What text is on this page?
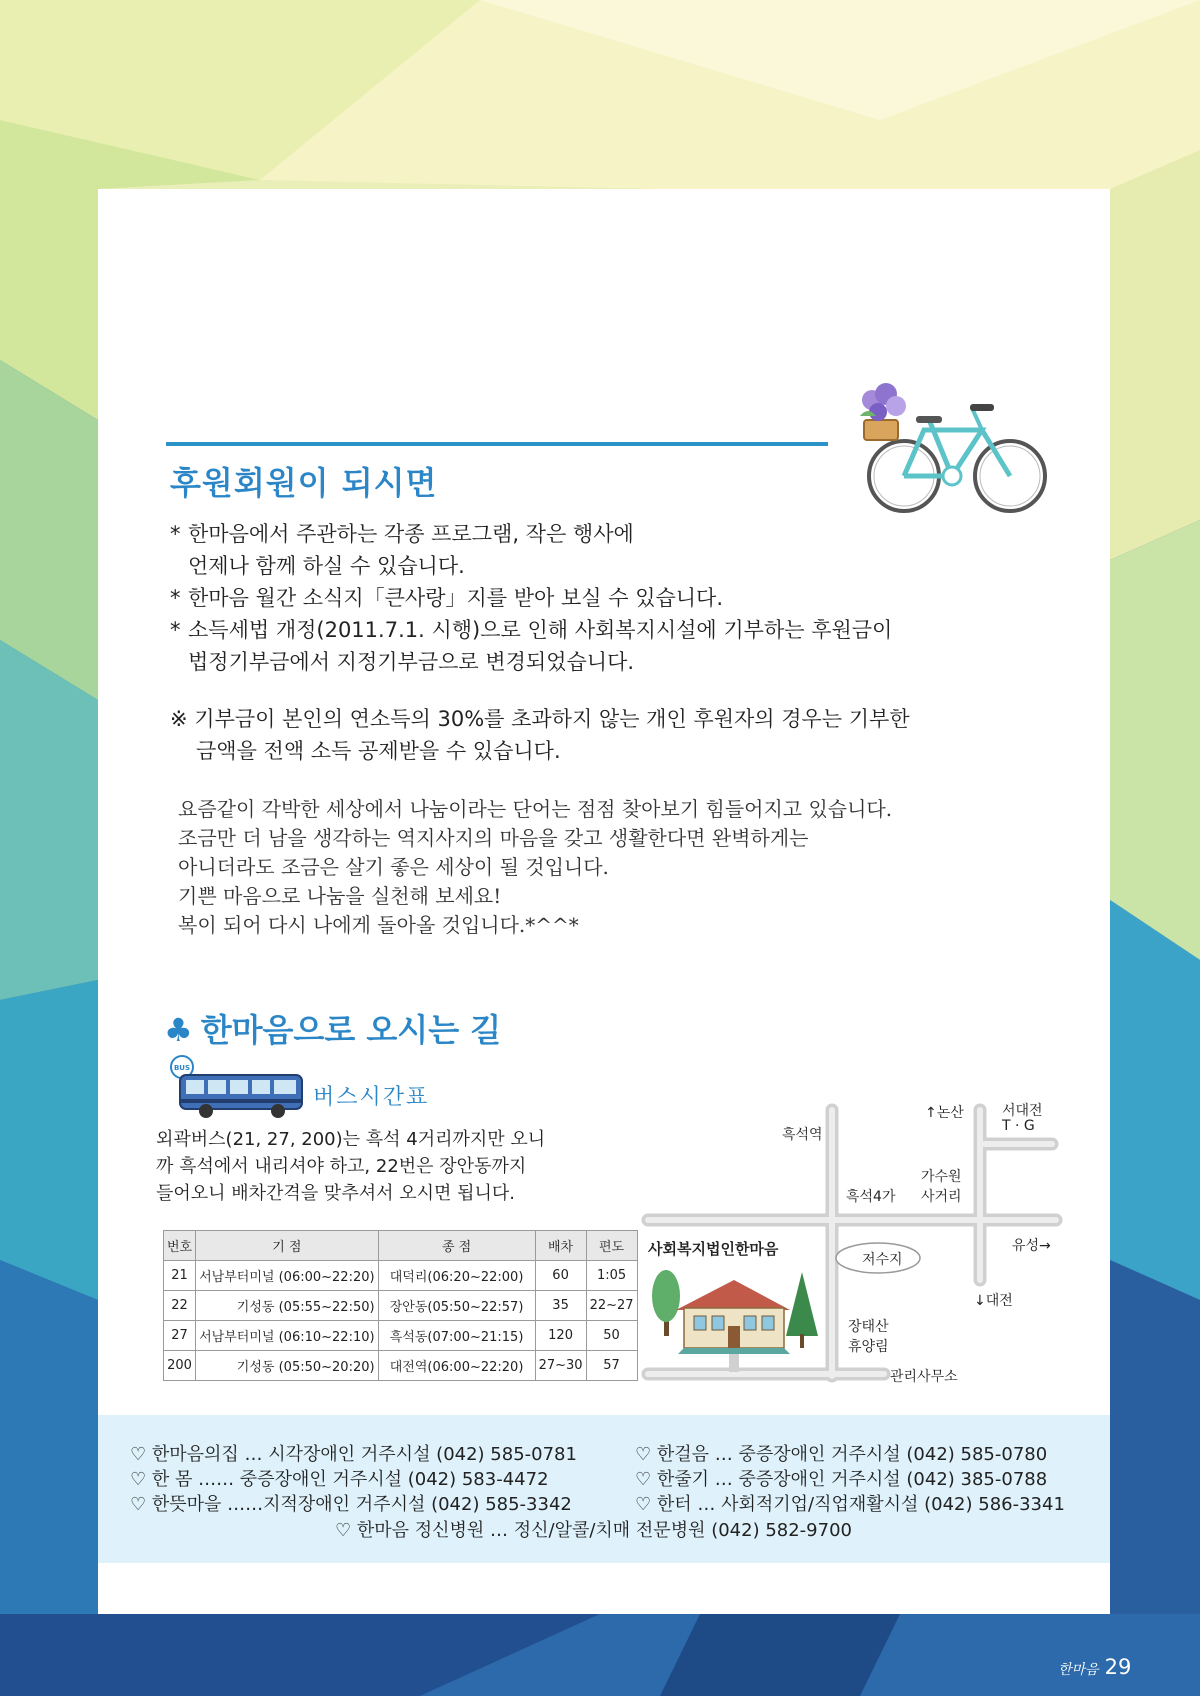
후원회원이 되시면
* 한마음에서 주관하는 각종 프로그램, 작은 행사에
언제나 함께 하실 수 있습니다.
* 한마음 월간 소식지「큰사랑」지를 받아 보실 수 있습니다.
* 소득세법 개정(2011.7.1. 시행)으로 인해 사회복지시설에 기부하는 후원금이
법정기부금에서 지정기부금으로 변경되었습니다.
※ 기부금이 본인의 연소득의 30%를 초과하지 않는 개인 후원자의 경우는 기부한
금액을 전액 소득 공제받을 수 있습니다.
요즘같이 각박한 세상에서 나눔이라는 단어는 점점 찾아보기 힘들어지고 있습니다.
조금만 더 남을 생각하는 역지사지의 마음을 갖고 생활한다면 완벽하게는
아니더라도 조금은 살기 좋은 세상이 될 것입니다.
기쁜 마음으로 나눔을 실천해 보세요!
복이 되어 다시 나에게 돌아올 것입니다.*^^*
♣ 한마음으로 오시는 길
BUS
버스시간표
외곽버스(21, 27, 200)는 흑석 4거리까지만 오니
까 흑석에서 내리셔야 하고, 22번은 장안동까지
들어오니 배차간격을 맞추셔서 오시면 됩니다.
번호	기 점	종 점	배차	편도
21	서남부터미널 (06:00~22:20)	대덕리(06:20~22:00)	60	1:05
22	기성동 (05:55~22:50)	장안동(05:50~22:57)	35	22~27
27	서남부터미널 (06:10~22:10)	흑석동(07:00~21:15)	120	50
200	기성동 (05:50~20:20)	대전역(06:00~22:20)	27~30	57
흑석역
↑논산	서대전
T · G
가수원
사거리
흑석4가
유성→
사회복지법인한마음
저수지
↓대전
장태산
휴양림
관리사무소
♡ 한마음의집 … 시각장애인 거주시설 (042) 585-0781
♡ 한 몸 …… 중증장애인 거주시설 (042) 583-4472
♡ 한뜻마을 ……지적장애인 거주시설 (042) 585-3342
♡ 한걸음 … 중증장애인 거주시설 (042) 585-0780
♡ 한줄기 … 중증장애인 거주시설 (042) 385-0788
♡ 한터 … 사회적기업/직업재활시설 (042) 586-3341
♡ 한마음 정신병원 … 정신/알콜/치매 전문병원 (042) 582-9700
한마음 29
